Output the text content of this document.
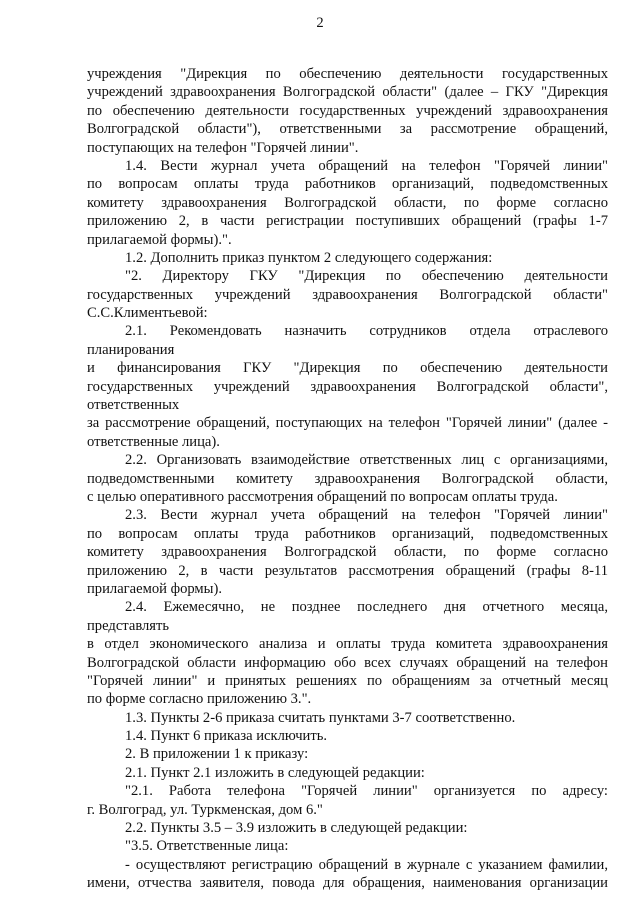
2
учреждения "Дирекция по обеспечению деятельности государственных
учреждений здравоохранения Волгоградской области" (далее – ГКУ "Дирекция
по обеспечению деятельности государственных учреждений здравоохранения
Волгоградской области"), ответственными за рассмотрение обращений,
поступающих на телефон "Горячей линии".
1.4. Вести журнал учета обращений на телефон "Горячей линии"
по вопросам оплаты труда работников организаций, подведомственных
комитету здравоохранения Волгоградской области, по форме согласно
приложению 2, в части регистрации поступивших обращений (графы 1-7
прилагаемой формы).".
1.2. Дополнить приказ пунктом 2 следующего содержания:
"2. Директору ГКУ "Дирекция по обеспечению деятельности
государственных учреждений здравоохранения Волгоградской области"
С.С.Климентьевой:
2.1. Рекомендовать назначить сотрудников отдела отраслевого
планирования
и финансирования ГКУ "Дирекция по обеспечению деятельности
государственных учреждений здравоохранения Волгоградской области",
ответственных
за рассмотрение обращений, поступающих на телефон "Горячей линии" (далее -
ответственные лица).
2.2. Организовать взаимодействие ответственных лиц с организациями,
подведомственными комитету здравоохранения Волгоградской области,
с целью оперативного рассмотрения обращений по вопросам оплаты труда.
2.3. Вести журнал учета обращений на телефон "Горячей линии"
по вопросам оплаты труда работников организаций, подведомственных
комитету здравоохранения Волгоградской области, по форме согласно
приложению 2, в части результатов рассмотрения обращений (графы 8-11
прилагаемой формы).
2.4. Ежемесячно, не позднее последнего дня отчетного месяца,
представлять
в отдел экономического анализа и оплаты труда комитета здравоохранения
Волгоградской области информацию обо всех случаях обращений на телефон
"Горячей линии" и принятых решениях по обращениям за отчетный месяц
по форме согласно приложению 3.".
1.3. Пункты 2-6 приказа считать пунктами 3-7 соответственно.
1.4. Пункт 6 приказа исключить.
2. В приложении 1 к приказу:
2.1. Пункт 2.1 изложить в следующей редакции:
"2.1. Работа телефона "Горячей линии" организуется по адресу:
г. Волгоград, ул. Туркменская, дом 6."
2.2. Пункты 3.5 – 3.9 изложить в следующей редакции:
"3.5. Ответственные лица:
- осуществляют регистрацию обращений в журнале с указанием фамилии,
имени, отчества заявителя, повода для обращения, наименования организации
